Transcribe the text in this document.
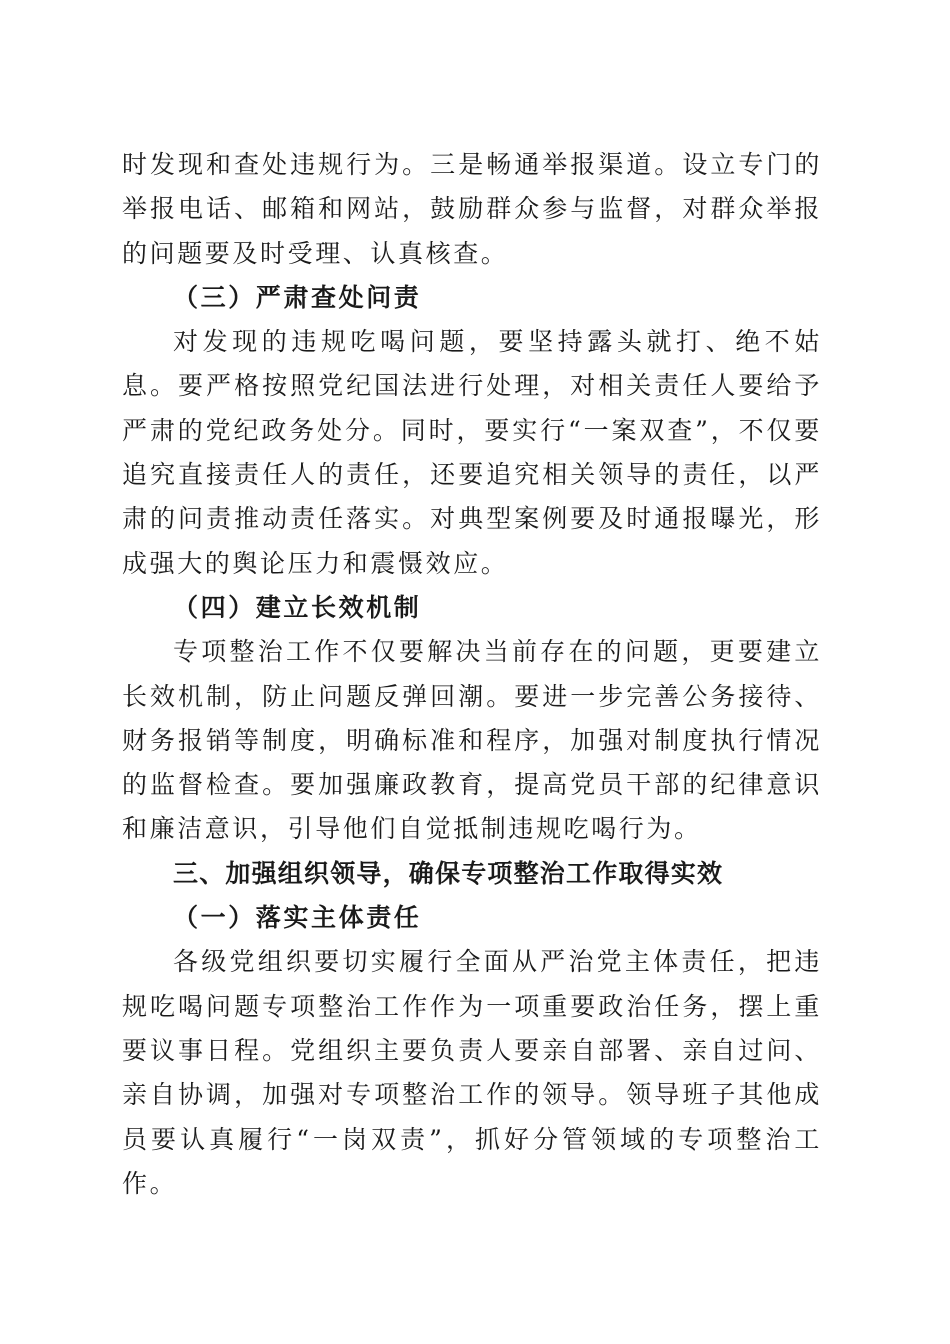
时发现和查处违规行为。三是畅通举报渠道。设立专门的举报电话、邮箱和网站，鼓励群众参与监督，对群众举报的问题要及时受理、认真核查。

（三）严肃查处问责

对发现的违规吃喝问题，要坚持露头就打、绝不姑息。要严格按照党纪国法进行处理，对相关责任人要给予严肃的党纪政务处分。同时，要实行“一案双查”，不仅要追究直接责任人的责任，还要追究相关领导的责任，以严肃的问责推动责任落实。对典型案例要及时通报曝光，形成强大的舆论压力和震慑效应。

（四）建立长效机制

专项整治工作不仅要解决当前存在的问题，更要建立长效机制，防止问题反弹回潮。要进一步完善公务接待、财务报销等制度，明确标准和程序，加强对制度执行情况的监督检查。要加强廉政教育，提高党员干部的纪律意识和廉洁意识，引导他们自觉抵制违规吃喝行为。

三、加强组织领导，确保专项整治工作取得实效

（一）落实主体责任

各级党组织要切实履行全面从严治党主体责任，把违规吃喝问题专项整治工作作为一项重要政治任务，摆上重要议事日程。党组织主要负责人要亲自部署、亲自过问、亲自协调，加强对专项整治工作的领导。领导班子其他成员要认真履行“一岗双责”，抓好分管领域的专项整治工作。
